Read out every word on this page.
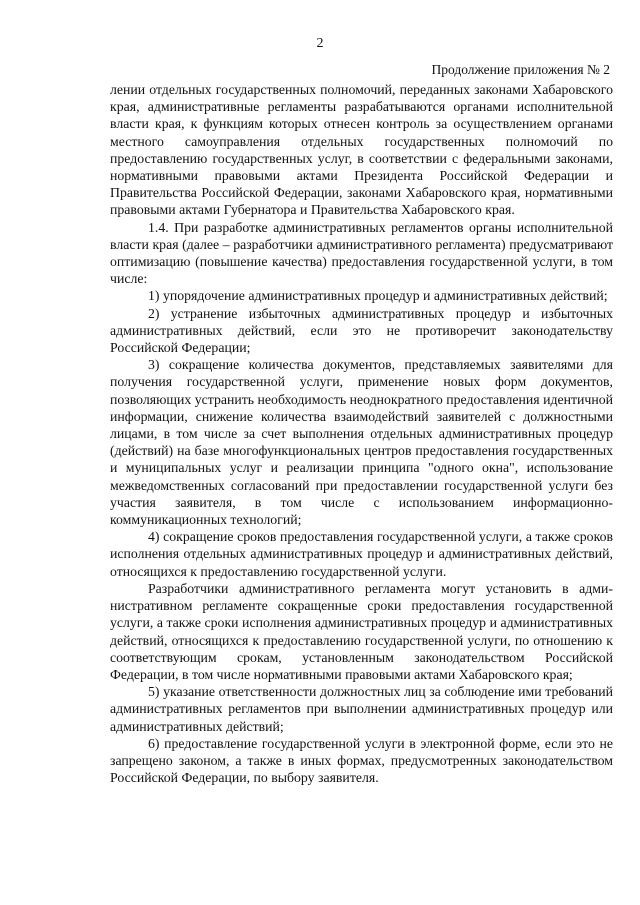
2
Продолжение приложения № 2

лении отдельных государственных полномочий, переданных законами Хабаровского края, административные регламенты разрабатываются органами исполнительной власти края, к функциям которых отнесен контроль за осуществлением органами местного самоуправления отдельных государственных полномочий по предоставлению государственных услуг, в соответствии с федеральными законами, нормативными правовыми актами Президента Российской Федерации и Правительства Российской Федерации, законами Хабаровского края, нормативными правовыми актами Губернатора и Правительства Хабаровского края.

1.4. При разработке административных регламентов органы исполнительной власти края (далее – разработчики административного регламента) предусматривают оптимизацию (повышение качества) предоставления государственной услуги, в том числе:

1) упорядочение административных процедур и административных действий;

2) устранение избыточных административных процедур и избыточных административных действий, если это не противоречит законодательству Российской Федерации;

3) сокращение количества документов, представляемых заявителями для получения государственной услуги, применение новых форм документов, позволяющих устранить необходимость неоднократного предоставления идентичной информации, снижение количества взаимодействий заявителей с должностными лицами, в том числе за счет выполнения отдельных административных процедур (действий) на базе многофункциональных центров предоставления государственных и муниципальных услуг и реализации принципа "одного окна", использование межведомственных согласований при предоставлении государственной услуги без участия заявителя, в том числе с использованием информационно-коммуникационных технологий;

4) сокращение сроков предоставления государственной услуги, а также сроков исполнения отдельных административных процедур и административных действий, относящихся к предоставлению государственной услуги.

Разработчики административного регламента могут установить в административном регламенте сокращенные сроки предоставления государственной услуги, а также сроки исполнения административных процедур и административных действий, относящихся к предоставлению государственной услуги, по отношению к соответствующим срокам, установленным законодательством Российской Федерации, в том числе нормативными правовыми актами Хабаровского края;

5) указание ответственности должностных лиц за соблюдение ими требований административных регламентов при выполнении административных процедур или административных действий;

6) предоставление государственной услуги в электронной форме, если это не запрещено законом, а также в иных формах, предусмотренных законодательством Российской Федерации, по выбору заявителя.
